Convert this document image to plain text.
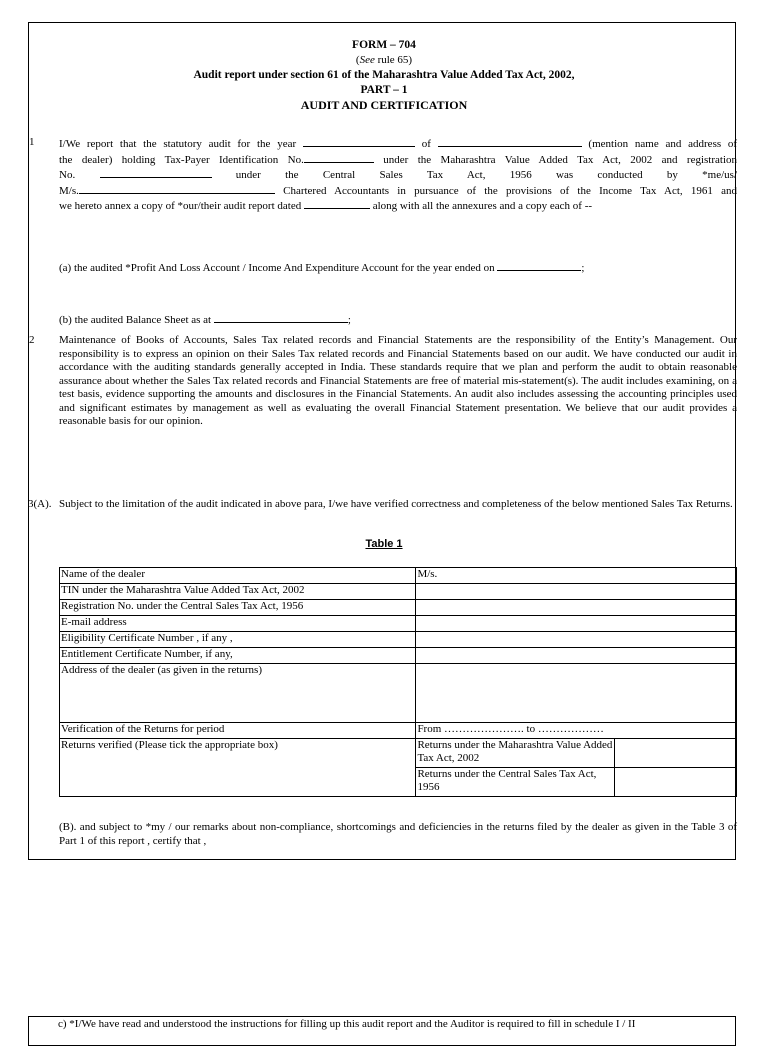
FORM – 704
(See rule 65)
Audit report under section 61 of the Maharashtra Value Added Tax Act, 2002,
PART – 1
AUDIT AND CERTIFICATION
1 I/We report that the statutory audit for the year	of	(mention name and address of
the dealer) holding Tax-Payer Identification No.	under the Maharashtra Value Added Tax Act, 2002 and registration
No.	under the Central Sales Tax Act, 1956 was conducted by *me/us/
M/s.	Chartered Accountants in pursuance of the provisions of the Income Tax Act, 1961 and
we hereto annex a copy of *our/their audit report dated	along with all the annexures and a copy each of --
(a) the audited *Profit And Loss Account / Income And Expenditure Account for the year ended on	;
(b) the audited Balance Sheet as at	;
2 Maintenance of Books of Accounts, Sales Tax related records and Financial Statements are the responsibility of the Entity’s Management. Our responsibility is to express an opinion on their Sales Tax related records and Financial Statements based on our audit. We have conducted our audit in accordance with the auditing standards generally accepted in India. These standards require that we plan and perform the audit to obtain reasonable assurance about whether the Sales Tax related records and Financial Statements are free of material mis-statement(s). The audit includes examining, on a test basis, evidence supporting the amounts and disclosures in the Financial Statements. An audit also includes assessing the accounting principles used and significant estimates by management as well as evaluating the overall Financial Statement presentation. We believe that our audit provides a reasonable basis for our opinion.
3(A). Subject to the limitation of the audit indicated in above para, I/we have verified correctness and completeness of the below mentioned Sales Tax Returns.
Table 1
Name of the dealer	M/s.	
TIN under the Maharashtra Value Added Tax Act, 2002		
Registration No. under the Central Sales Tax Act, 1956		
E-mail address		
Eligibility Certificate Number , if any ,		
Entitlement Certificate Number, if any,		
Address of the dealer (as given in the returns)		
Verification of the Returns for period	From …………………. to ………………	
Returns verified (Please tick the appropriate box)	Returns under the Maharashtra Value Added Tax Act, 2002	
	Returns under the Central Sales Tax Act, 1956	
(B). and subject to *my / our remarks about non-compliance, shortcomings and deficiencies in the returns filed by the dealer as given in the Table 3 of Part 1 of this report , certify that ,
c) *I/We have read and understood the instructions for filling up this audit report and the Auditor is required to fill in schedule I / II
